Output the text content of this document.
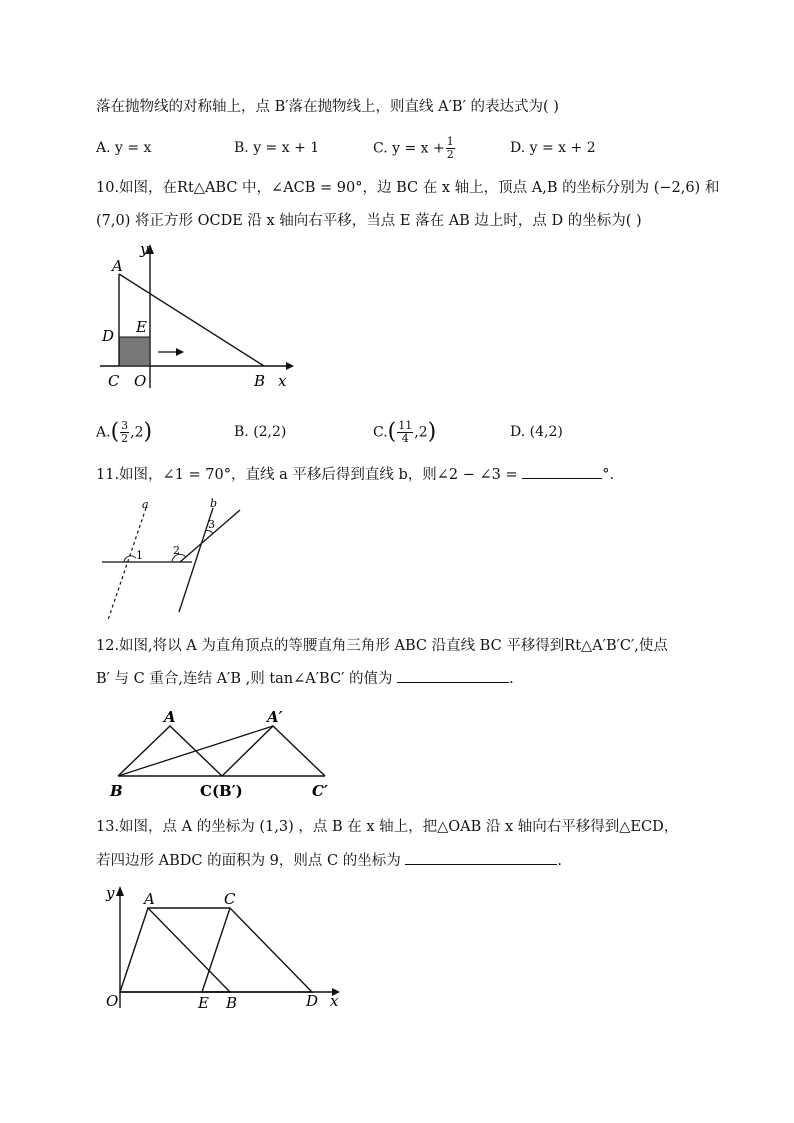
落在抛物线的对称轴上，点 B′落在抛物线上，则直线 A′B′ 的表达式为( )
A. y = x	B. y = x + 1	C. $y = x + \frac{1}{2}$	D. y = x + 2
10.如图，在Rt△ABC 中，∠ACB = 90°，边 BC 在 x 轴上，顶点 A,B 的坐标分别为 (−2,6) 和
(7,0) 将正方形 OCDE 沿 x 轴向右平移，当点 E 落在 AB 边上时，点 D 的坐标为( )
A
y
E
D
C O	B x
$A.( \frac{3}{2} ,2)$	B. (2,2)	$C.( \frac{11}{4} ,2)$	D. (4,2)
11.如图，∠1 = 70°，直线 a 平移后得到直线 b，则∠2 − ∠3 =	°.
a	b
1	2
3
12.如图,将以 A 为直角顶点的等腰直角三角形 ABC 沿直线 BC 平移得到Rt△A′B′C′,使点
B′ 与 C 重合,连结 A′B ,则 tan∠A′BC′ 的值为	.
A	A′
B	C(B′)	C′
13.如图，点 A 的坐标为 (1,3) ，点 B 在 x 轴上，把△OAB 沿 x 轴向右平移得到△ECD，
若四边形 ABDC 的面积为 9，则点 C 的坐标为	.
y A	C
O	E B	D x
